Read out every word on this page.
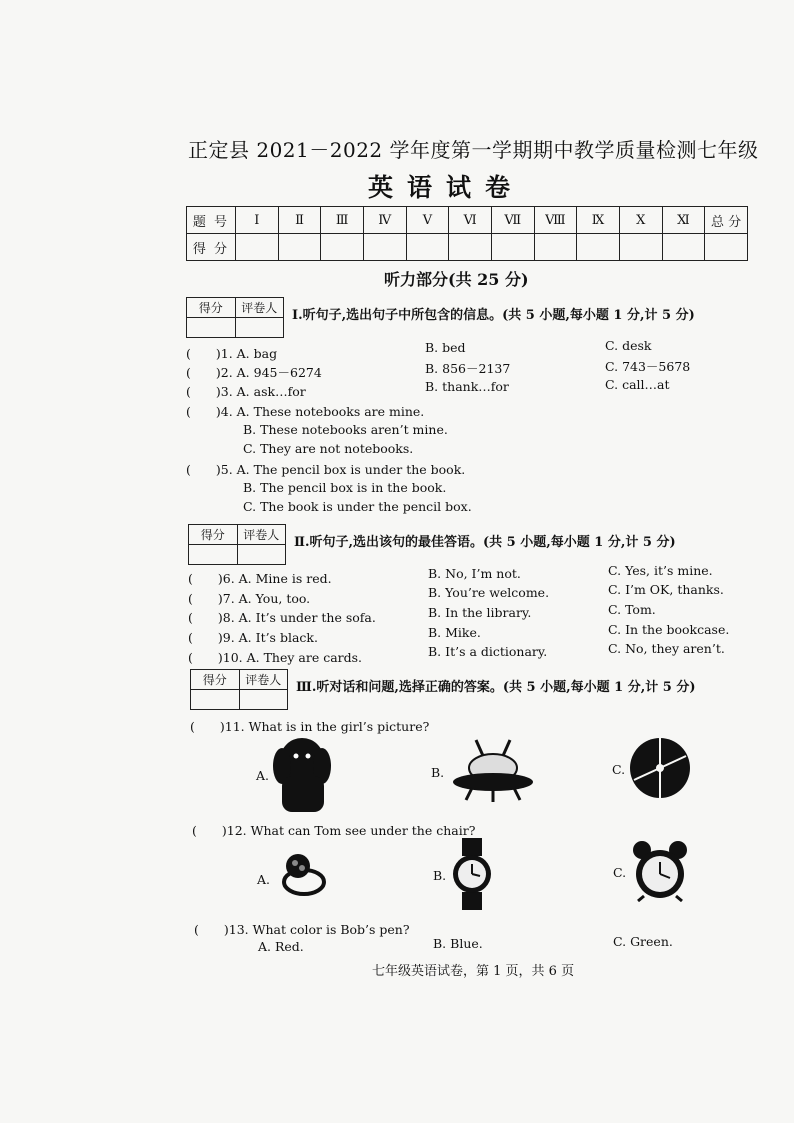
正定县 2021－2022 学年度第一学期期中教学质量检测七年级
英语试卷
题 号	Ⅰ	Ⅱ	Ⅲ	Ⅳ	Ⅴ	Ⅵ	Ⅶ	Ⅷ	Ⅸ	Ⅹ	Ⅺ	总 分
得 分												
听力部分(共 25 分)
得分	评卷人
	Ⅰ.听句子,选出句子中所包含的信息。(共 5 小题,每小题 1 分,计 5 分)
(　　)1. A. bag	B. bed	C. desk
(　　)2. A. 945－6274	B. 856－2137	C. 743－5678
(　　)3. A. ask…for	B. thank…for	C. call…at
(　　)4. A. These notebooks are mine.
B. These notebooks aren’t mine.
C. They are not notebooks.
(　　)5. A. The pencil box is under the book.
B. The pencil box is in the book.
C. The book is under the pencil box.
得分	评卷人
	Ⅱ.听句子,选出该句的最佳答语。(共 5 小题,每小题 1 分,计 5 分)
(　　)6. A. Mine is red.	B. No, I’m not.	C. Yes, it’s mine.
(　　)7. A. You, too.	B. You’re welcome.	C. I’m OK, thanks.
(　　)8. A. It’s under the sofa.	B. In the library.	C. Tom.
(　　)9. A. It’s black.	B. Mike.	C. In the bookcase.
(　　)10. A. They are cards.	B. It’s a dictionary.	C. No, they aren’t.
得分	评卷人
	Ⅲ.听对话和问题,选择正确的答案。(共 5 小题,每小题 1 分,计 5 分)
(　　)11. What is in the girl’s picture?
A.	B.	C.
(　　)12. What can Tom see under the chair?
A.	B.	C.
(　　)13. What color is Bob’s pen?
A. Red.	B. Blue.	C. Green.
七年级英语试卷，第 1 页，共 6 页
